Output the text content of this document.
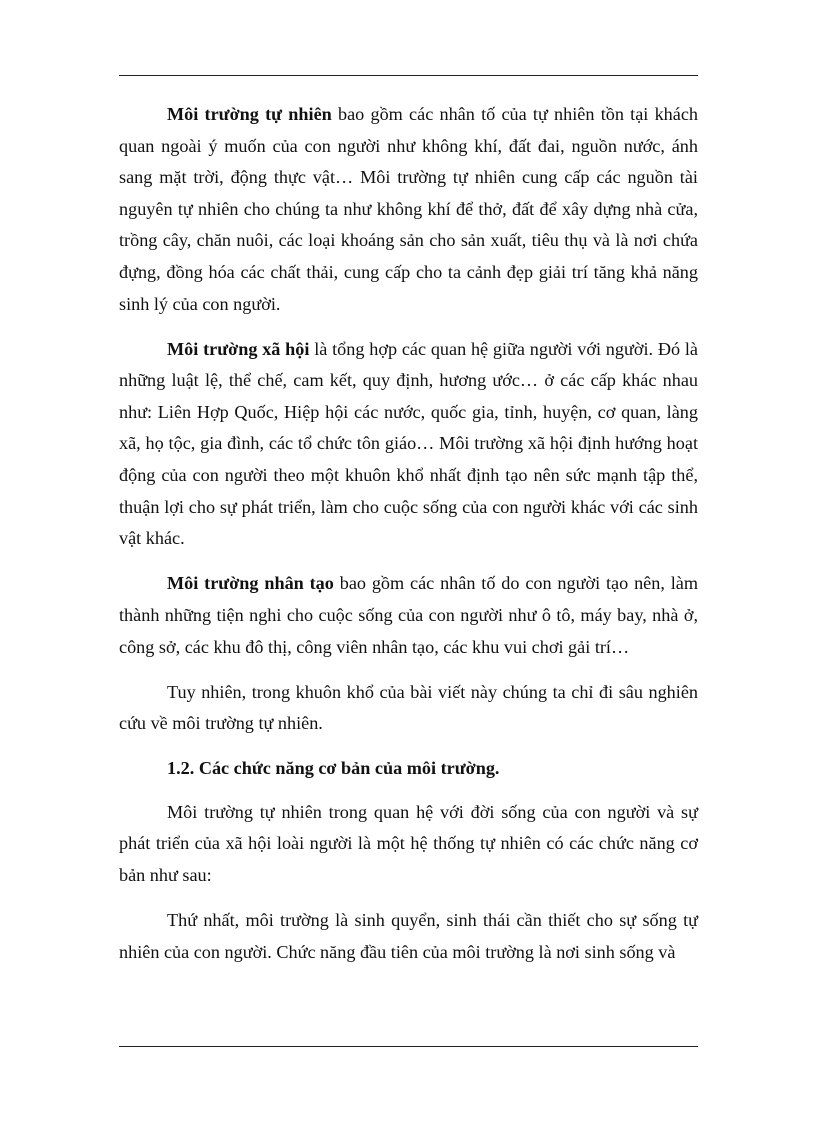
Môi trường tự nhiên bao gồm các nhân tố của tự nhiên tồn tại khách quan ngoài ý muốn của con người như không khí, đất đai, nguồn nước, ánh sang mặt trời, động thực vật… Môi trường tự nhiên cung cấp các nguồn tài nguyên tự nhiên cho chúng ta như không khí để thở, đất để xây dựng nhà cửa, trồng cây, chăn nuôi, các loại khoáng sản cho sản xuất, tiêu thụ và là nơi chứa đựng, đồng hóa các chất thải, cung cấp cho ta cảnh đẹp giải trí tăng khả năng sinh lý của con người.

Môi trường xã hội là tổng hợp các quan hệ giữa người với người. Đó là những luật lệ, thể chế, cam kết, quy định, hương ước… ở các cấp khác nhau như: Liên Hợp Quốc, Hiệp hội các nước, quốc gia, tỉnh, huyện, cơ quan, làng xã, họ tộc, gia đình, các tổ chức tôn giáo… Môi trường xã hội định hướng hoạt động của con người theo một khuôn khổ nhất định tạo nên sức mạnh tập thể, thuận lợi cho sự phát triển, làm cho cuộc sống của con người khác với các sinh vật khác.

Môi trường nhân tạo bao gồm các nhân tố do con người tạo nên, làm thành những tiện nghi cho cuộc sống của con người như ô tô, máy bay, nhà ở, công sở, các khu đô thị, công viên nhân tạo, các khu vui chơi gải trí…

Tuy nhiên, trong khuôn khổ của bài viết này chúng ta chỉ đi sâu nghiên cứu về môi trường tự nhiên.

1.2. Các chức năng cơ bản của môi trường.

Môi trường tự nhiên trong quan hệ với đời sống của con người và sự phát triển của xã hội loài người là một hệ thống tự nhiên có các chức năng cơ bản như sau:

Thứ nhất, môi trường là sinh quyển, sinh thái cần thiết cho sự sống tự nhiên của con người. Chức năng đầu tiên của môi trường là nơi sinh sống và
